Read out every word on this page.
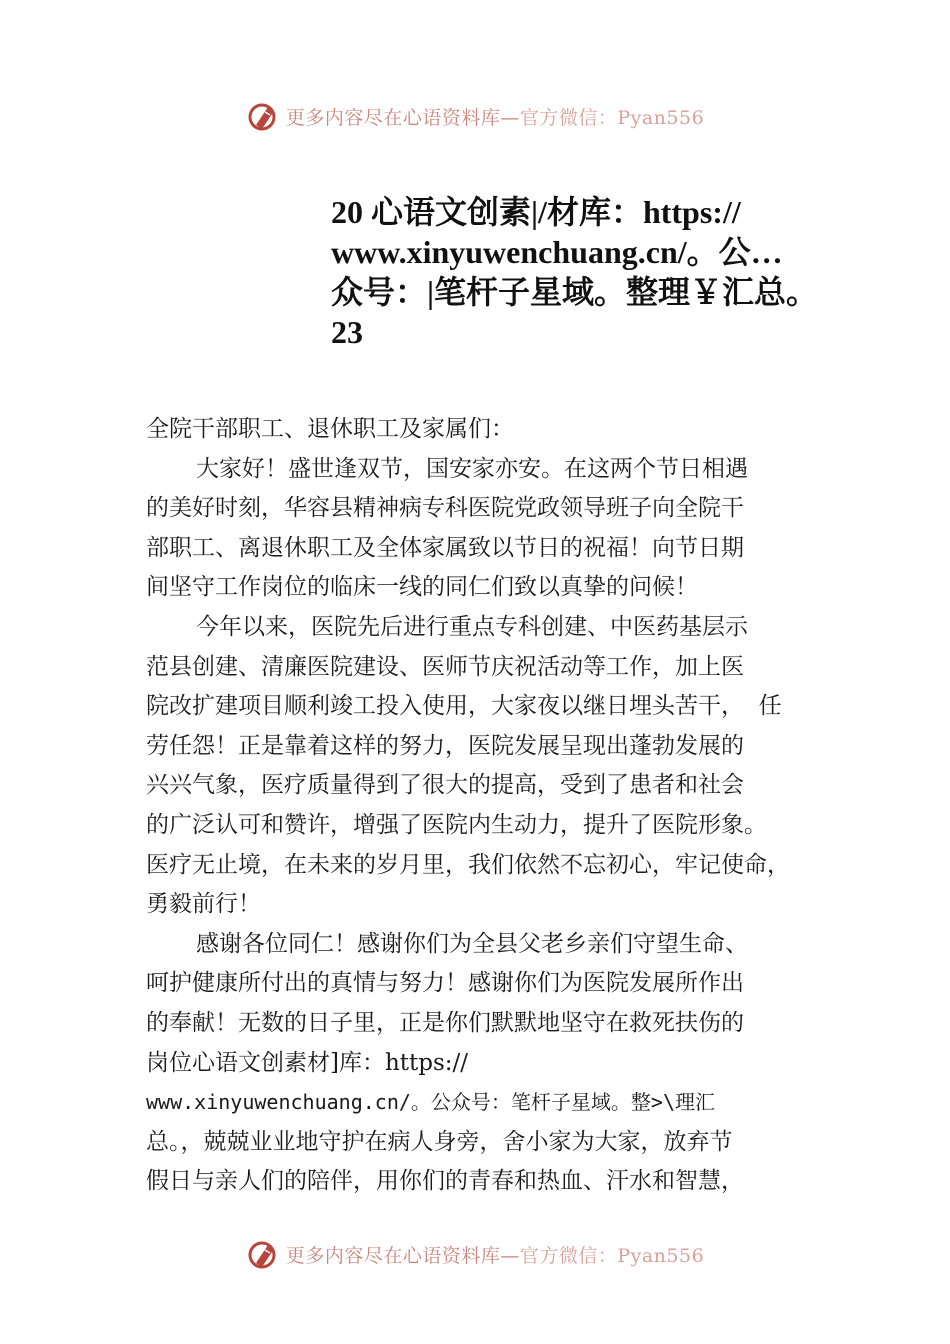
更多内容尽在心语资料库—官方微信：Pyan556
20 心语文创素|/材库：https://
www.xinyuwenchuang.cn/。公…
众号：|笔杆子星域。整理￥汇总。
23
全院干部职工、退休职工及家属们：
大家好！盛世逢双节，国安家亦安。在这两个节日相遇
的美好时刻，华容县精神病专科医院党政领导班子向全院干
部职工、离退休职工及全体家属致以节日的祝福！向节日期
间坚守工作岗位的临床一线的同仁们致以真挚的问候！
今年以来，医院先后进行重点专科创建、中医药基层示
范县创建、清廉医院建设、医师节庆祝活动等工作，加上医
院改扩建项目顺利竣工投入使用，大家夜以继日埋头苦干，  任
劳任怨！正是靠着这样的努力，医院发展呈现出蓬勃发展的
兴兴气象，医疗质量得到了很大的提高，受到了患者和社会
的广泛认可和赞许，增强了医院内生动力，提升了医院形象。
医疗无止境，在未来的岁月里，我们依然不忘初心，牢记使命，
勇毅前行！
感谢各位同仁！感谢你们为全县父老乡亲们守望生命、
呵护健康所付出的真情与努力！感谢你们为医院发展所作出
的奉献！无数的日子里，正是你们默默地坚守在救死扶伤的
岗位心语文创素材]库：https://
www.xinyuwenchuang.cn/。公众号：笔杆子星域。整>\理汇
总。，兢兢业业地守护在病人身旁，舍小家为大家，放弃节
假日与亲人们的陪伴，用你们的青春和热血、汗水和智慧，
更多内容尽在心语资料库—官方微信：Pyan556
